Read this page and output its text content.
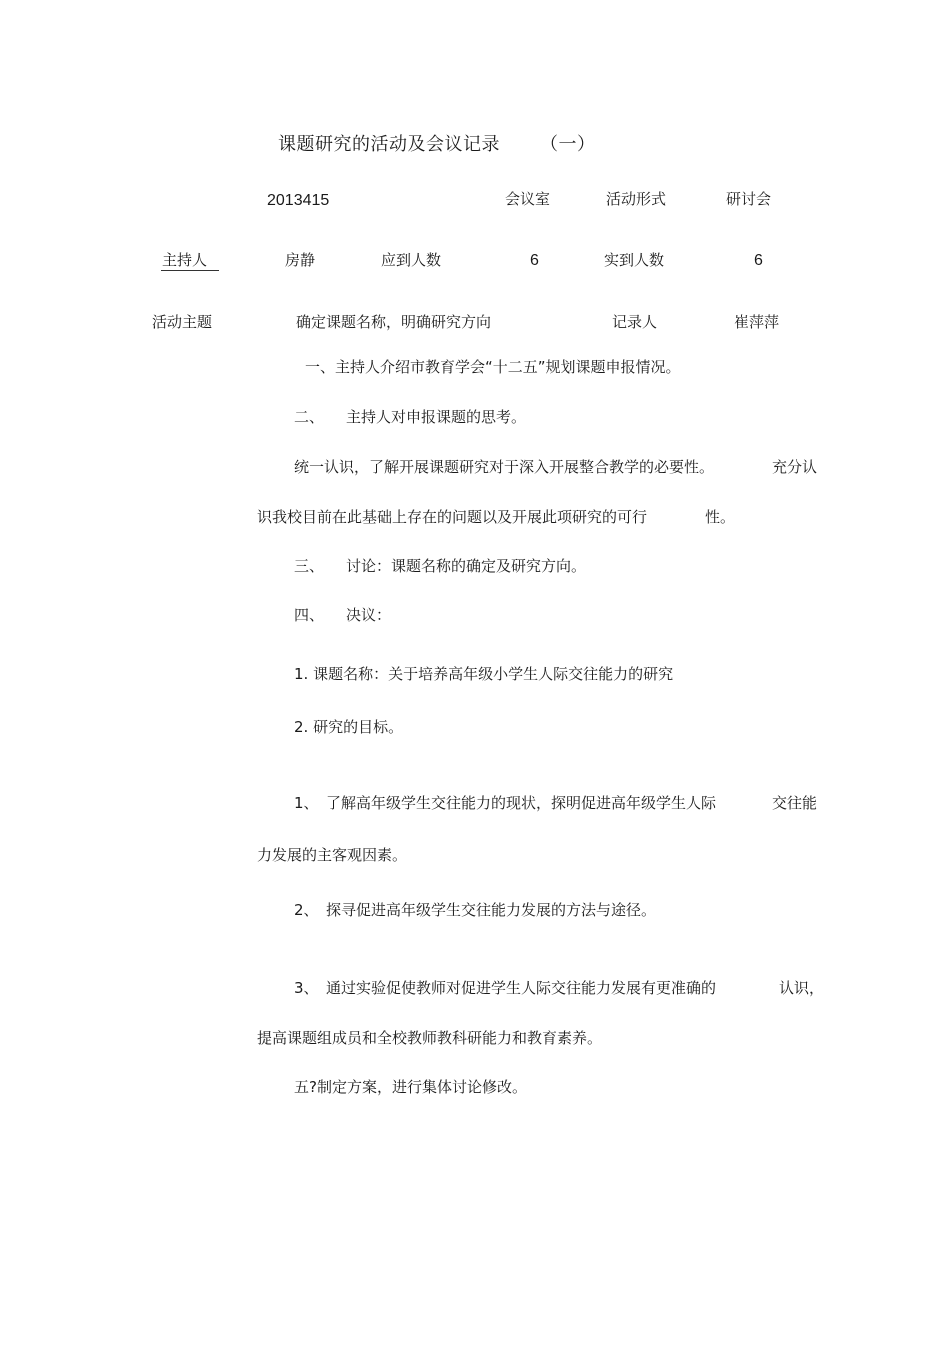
课题研究的活动及会议记录 （一）
2013415	会议室	活动形式	研讨会
主持人	房静	应到人数	6	实到人数	6
活动主题	确定课题名称，明确研究方向	记录人	崔萍萍
一、主持人介绍市教育学会“十二五”规划课题申报情况。
二、 主持人对申报课题的思考。
统一认识，了解开展课题研究对于深入开展整合教学的必要性。	充分认
识我校目前在此基础上存在的问题以及开展此项研究的可行	性。
三、 讨论：课题名称的确定及研究方向。
四、 决议：
1. 课题名称：关于培养高年级小学生人际交往能力的研究
2. 研究的目标。
1、 了解高年级学生交往能力的现状，探明促进高年级学生人际	交往能
力发展的主客观因素。
2、 探寻促进高年级学生交往能力发展的方法与途径。
3、 通过实验促使教师对促进学生人际交往能力发展有更准确的	认识，
提高课题组成员和全校教师教科研能力和教育素养。
五?制定方案，进行集体讨论修改。
